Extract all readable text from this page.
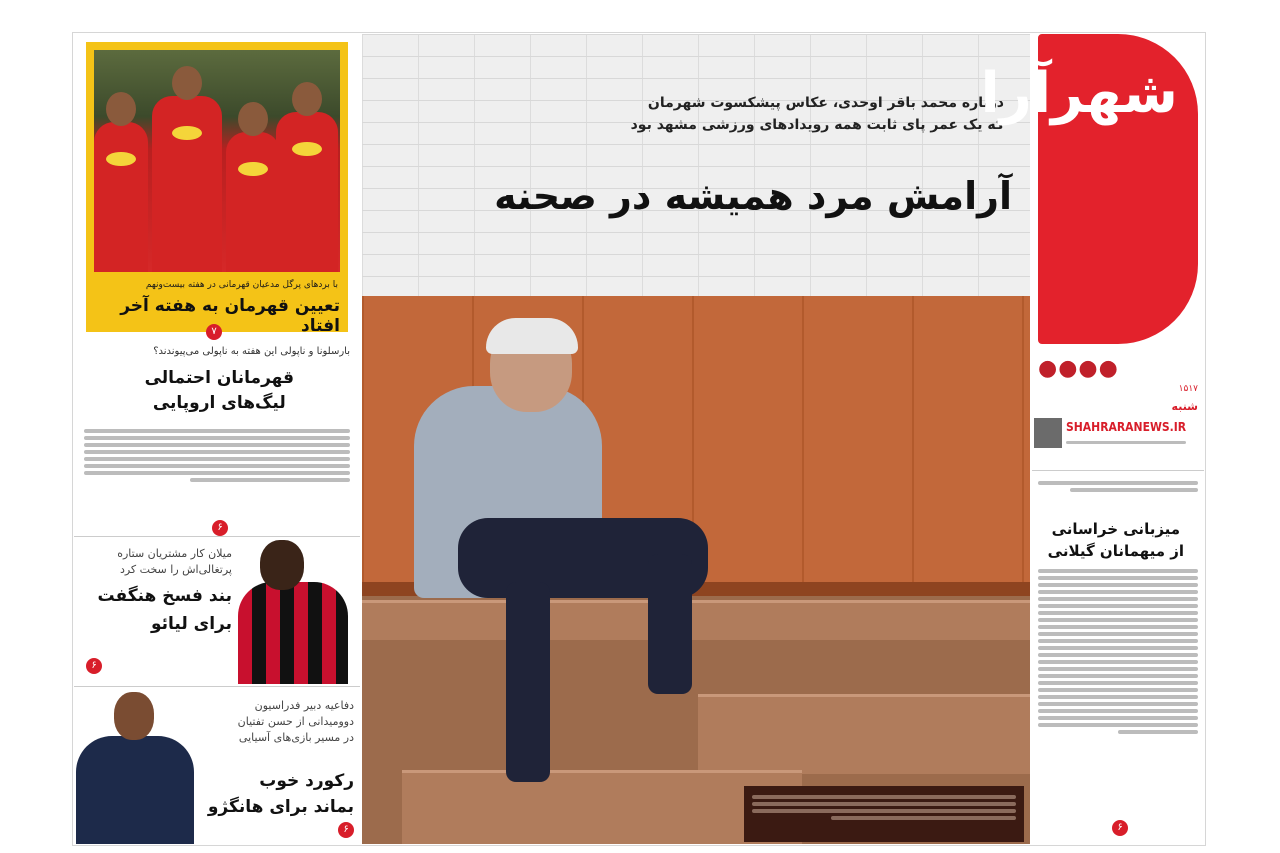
با بردهای پرگل مدعیان قهرمانی در هفته بیست‌ونهم
تعیین قهرمان به هفته آخر افتاد
۷
بارسلونا و ناپولی این هفته به ناپولی می‌پیوندند؟
قهرمانان احتمالی
لیگ‌های اروپایی
۶
میلان کار مشتریان ستاره
پرتغالی‌اش را سخت کرد
بند فسخ هنگفت
برای لیائو
۶
دفاعیه دبیر فدراسیون
دوومیدانی از حسن تفتیان
در مسیر بازی‌های آسیایی
رکورد خوب
بماند برای هانگژو
۶
درباره محمد باقر اوحدی، عکاس پیشکسوت شهرمان
که یک عمر پای ثابت همه رویدادهای ورزشی مشهد بود
آرامش مرد همیشه در صحنه
شهرآرا
●●●●
۱۵۱۷
شنبه
SHAHRARANEWS.IR
میزبانی خراسانی
از میهمانان گیلانی
۶
